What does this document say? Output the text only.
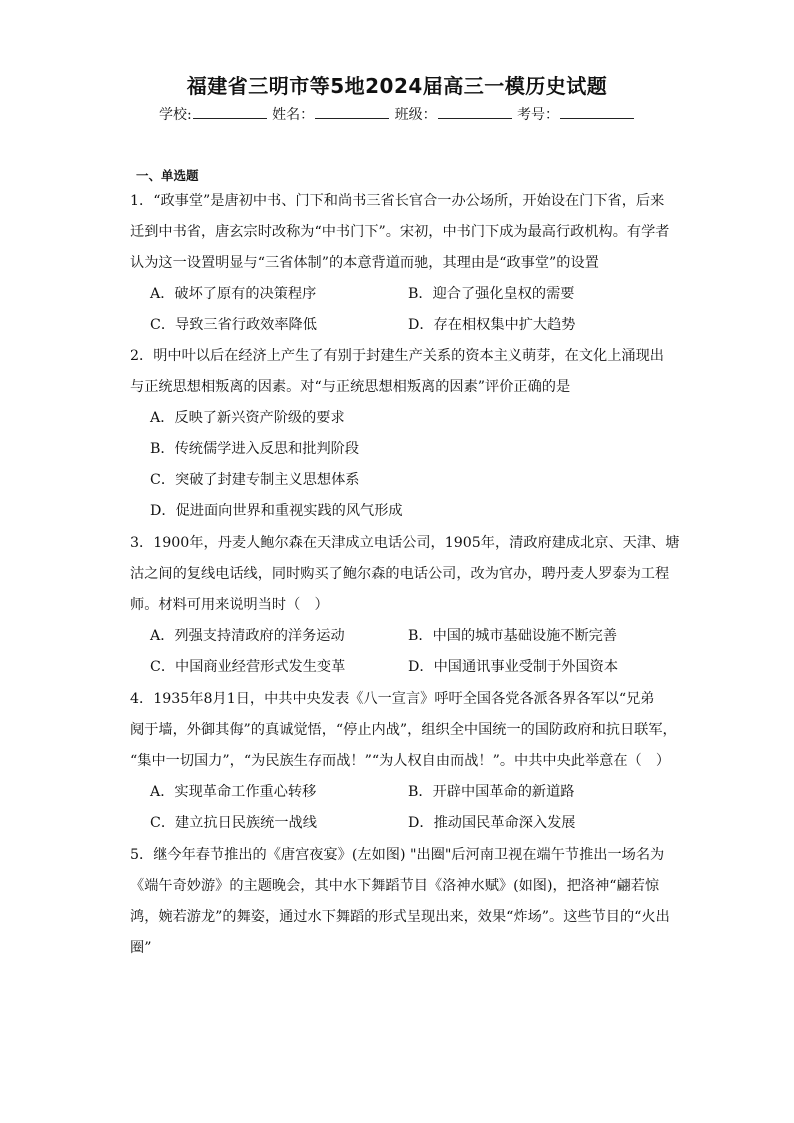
福建省三明市等5地2024届高三一模历史试题
学校:	姓名：	班级：	考号：
一、单选题
1．“政事堂”是唐初中书、门下和尚书三省长官合一办公场所，开始设在门下省，后来
迁到中书省，唐玄宗时改称为“中书门下”。宋初，中书门下成为最高行政机构。有学者
认为这一设置明显与“三省体制”的本意背道而驰，其理由是“政事堂”的设置
A．破坏了原有的决策程序	B．迎合了强化皇权的需要
C．导致三省行政效率降低	D．存在相权集中扩大趋势
2．明中叶以后在经济上产生了有别于封建生产关系的资本主义萌芽，在文化上涌现出
与正统思想相叛离的因素。对“与正统思想相叛离的因素”评价正确的是
A．反映了新兴资产阶级的要求
B．传统儒学进入反思和批判阶段
C．突破了封建专制主义思想体系
D．促进面向世界和重视实践的风气形成
3．1900年，丹麦人鲍尔森在天津成立电话公司，1905年，清政府建成北京、天津、塘
沽之间的复线电话线，同时购买了鲍尔森的电话公司，改为官办，聘丹麦人罗泰为工程
师。材料可用来说明当时（　）
A．列强支持清政府的洋务运动	B．中国的城市基础设施不断完善
C．中国商业经营形式发生变革	D．中国通讯事业受制于外国资本
4．1935年8月1日，中共中央发表《八一宣言》呼吁全国各党各派各界各军以“兄弟
阋于墙，外御其侮”的真诚觉悟，“停止内战”，组织全中国统一的国防政府和抗日联军，
“集中一切国力”，“为民族生存而战！”“为人权自由而战！”。中共中央此举意在（　）
A．实现革命工作重心转移	B．开辟中国革命的新道路
C．建立抗日民族统一战线	D．推动国民革命深入发展
5．继今年春节推出的《唐宫夜宴》(左如图) "出圈"后河南卫视在端午节推出一场名为
《端午奇妙游》的主题晚会，其中水下舞蹈节目《洛神水赋》(如图)，把洛神“翩若惊
鸿，婉若游龙”的舞姿，通过水下舞蹈的形式呈现出来，效果“炸场”。这些节目的“火出
圈”
